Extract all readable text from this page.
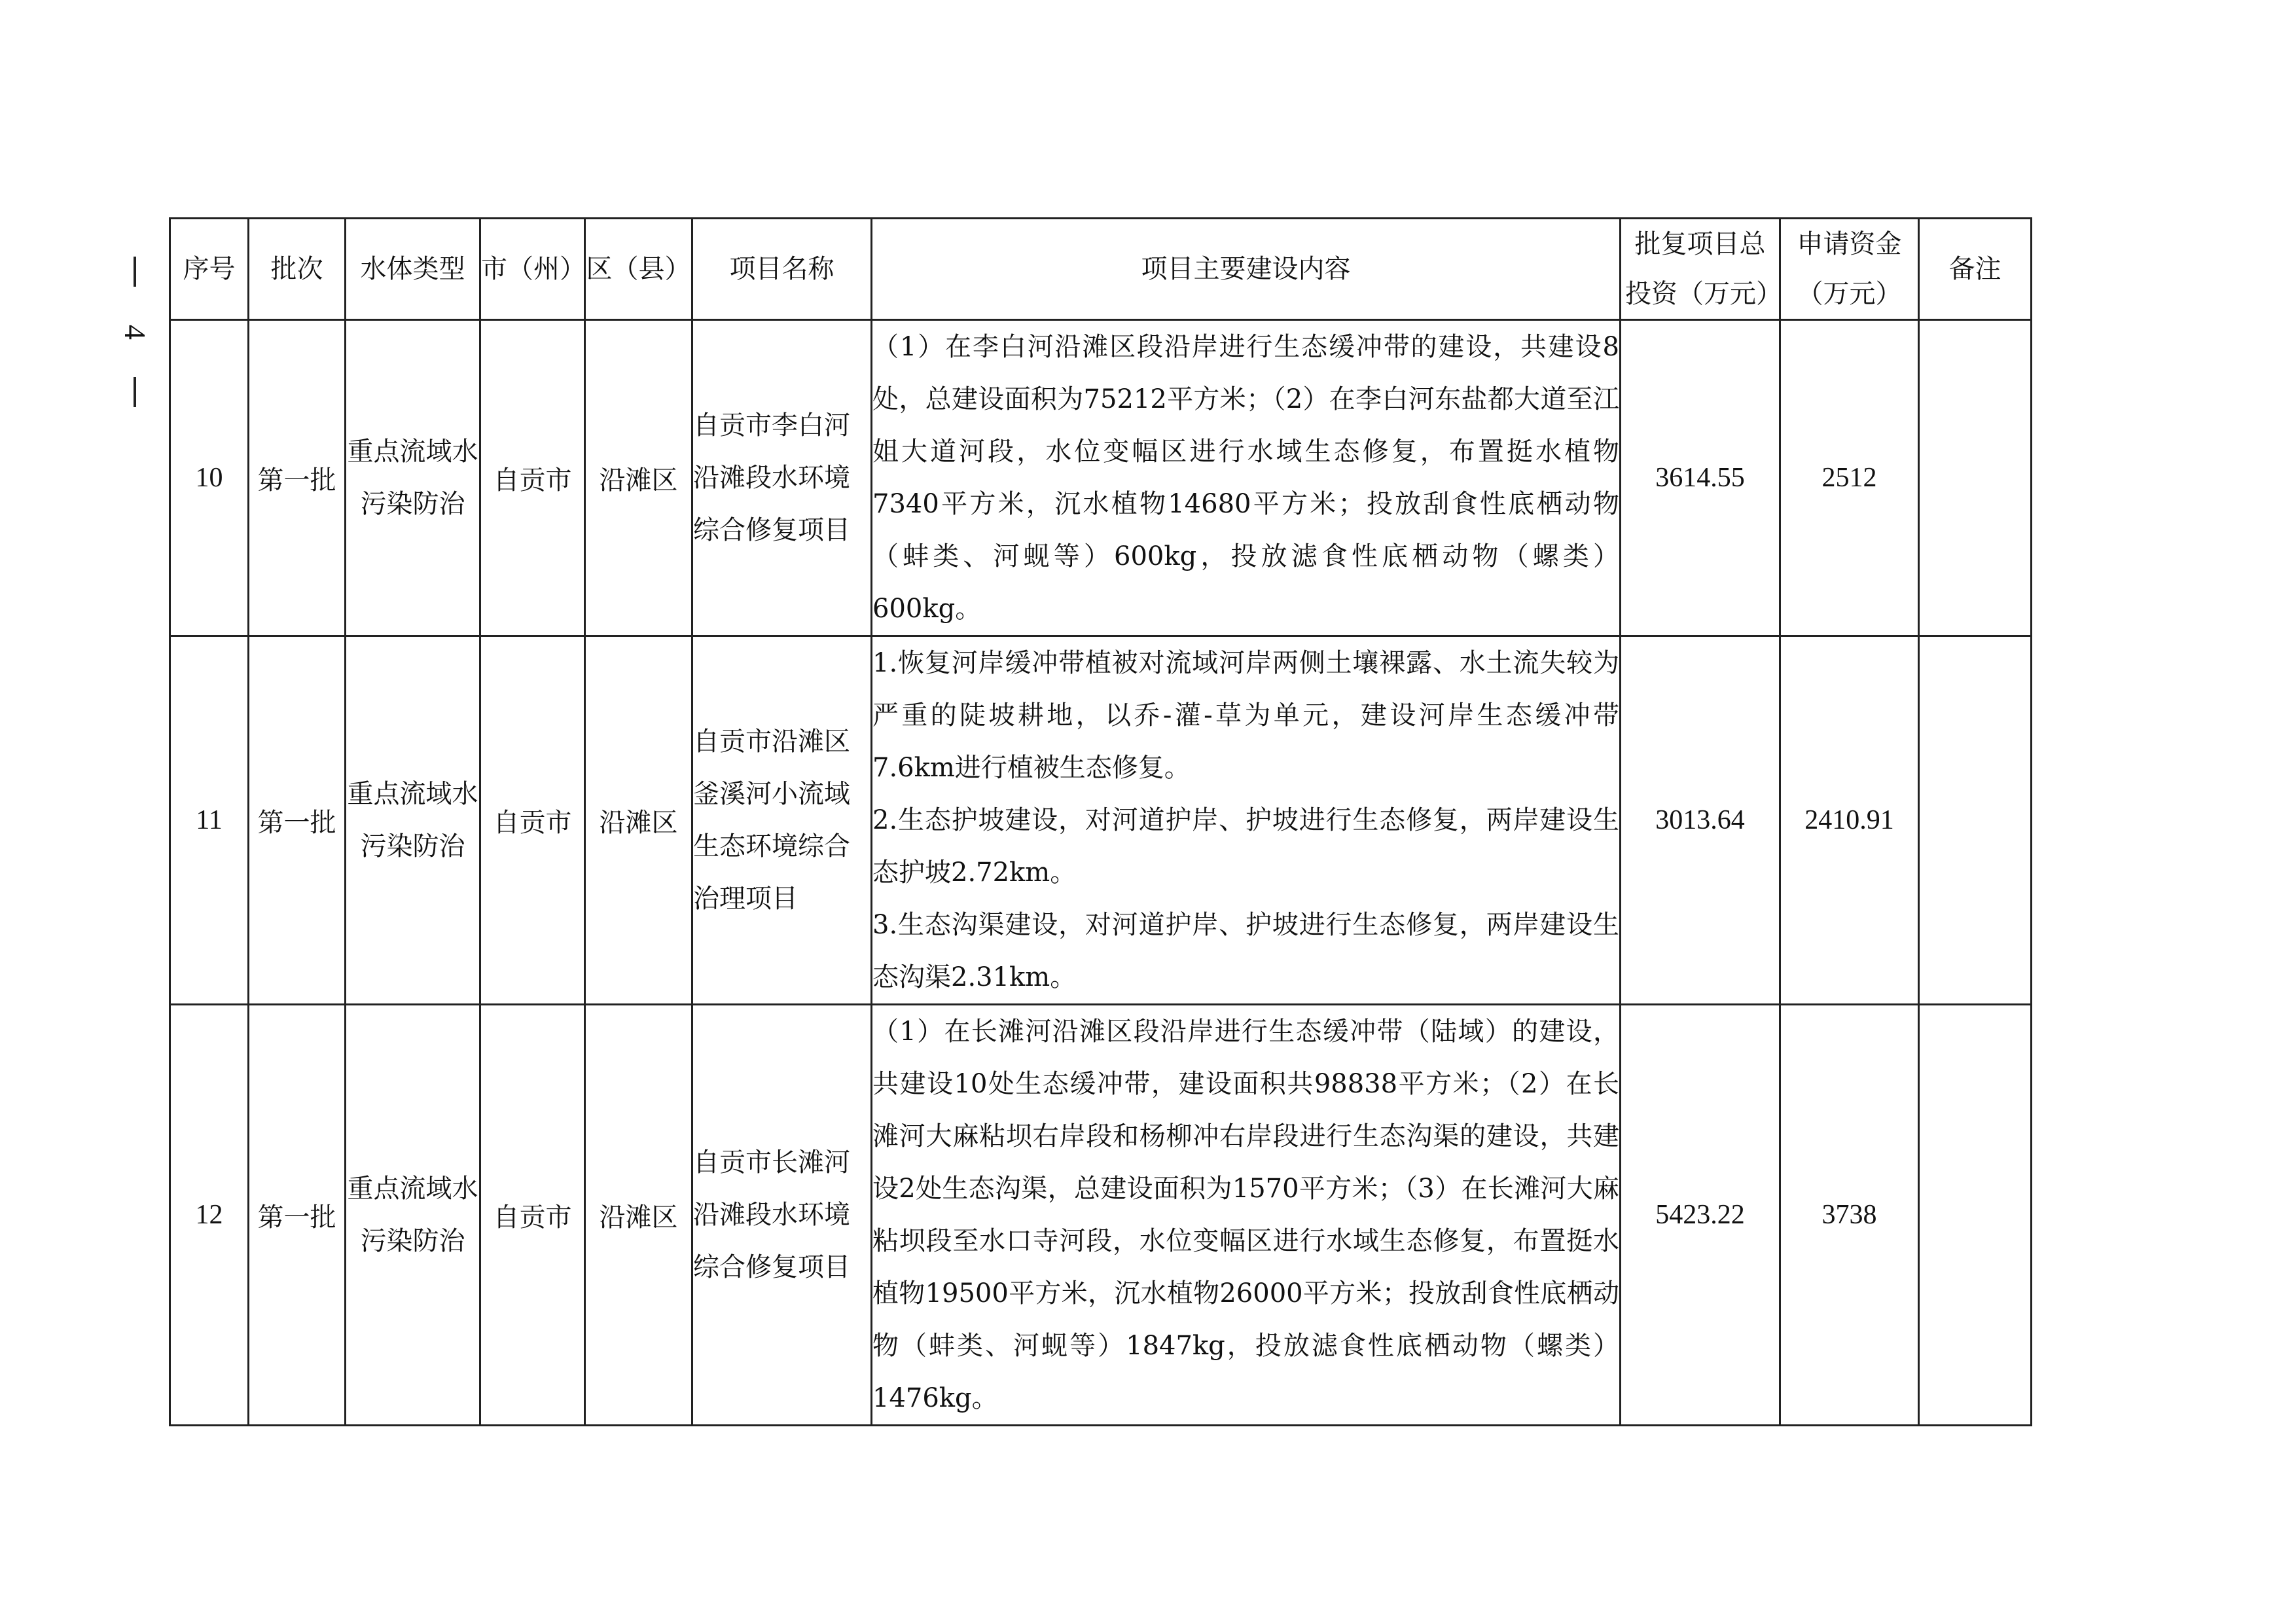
4
序号	批次	水体类型	市（州）	区（县）	项目名称	项目主要建设内容	批复项目总投资（万元）	申请资金（万元）	备注
10	第一批	重点流域水污染防治	自贡市	沿滩区	自贡市李白河沿滩段水环境综合修复项目	（1）在李白河沿滩区段沿岸进行生态缓冲带的建设，共建设8处，总建设面积为75212平方米；（2）在李白河东盐都大道至江姐大道河段，水位变幅区进行水域生态修复，布置挺水植物7340平方米，沉水植物14680平方米；投放刮食性底栖动物（蚌类、河蚬等）600kg，投放滤食性底栖动物（螺类）600kg。	3614.55	2512	
11	第一批	重点流域水污染防治	自贡市	沿滩区	自贡市沿滩区釜溪河小流域生态环境综合治理项目	1.恢复河岸缓冲带植被对流域河岸两侧土壤裸露、水土流失较为严重的陡坡耕地，以乔-灌-草为单元，建设河岸生态缓冲带7.6km进行植被生态修复。
2.生态护坡建设，对河道护岸、护坡进行生态修复，两岸建设生态护坡2.72km。
3.生态沟渠建设，对河道护岸、护坡进行生态修复，两岸建设生态沟渠2.31km。	3013.64	2410.91	
12	第一批	重点流域水污染防治	自贡市	沿滩区	自贡市长滩河沿滩段水环境综合修复项目	（1）在长滩河沿滩区段沿岸进行生态缓冲带（陆域）的建设，共建设10处生态缓冲带，建设面积共98838平方米；（2）在长滩河大麻粘坝右岸段和杨柳冲右岸段进行生态沟渠的建设，共建设2处生态沟渠，总建设面积为1570平方米；（3）在长滩河大麻粘坝段至水口寺河段，水位变幅区进行水域生态修复，布置挺水植物19500平方米，沉水植物26000平方米；投放刮食性底栖动物（蚌类、河蚬等）1847kg，投放滤食性底栖动物（螺类）1476kg。	5423.22	3738	
